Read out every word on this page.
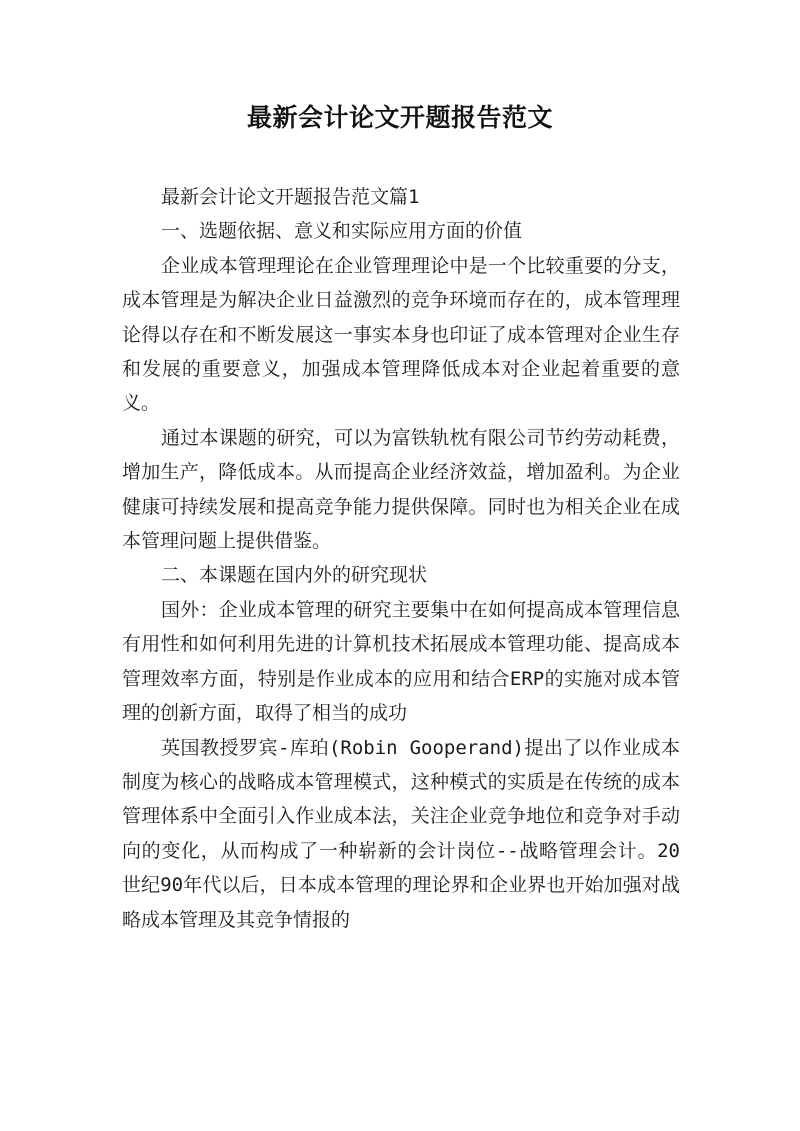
最新会计论文开题报告范文

最新会计论文开题报告范文篇1

一、选题依据、意义和实际应用方面的价值

企业成本管理理论在企业管理理论中是一个比较重要的分支，成本管理是为解决企业日益激烈的竞争环境而存在的，成本管理理论得以存在和不断发展这一事实本身也印证了成本管理对企业生存和发展的重要意义，加强成本管理降低成本对企业起着重要的意义。

通过本课题的研究，可以为富铁轨枕有限公司节约劳动耗费，增加生产，降低成本。从而提高企业经济效益，增加盈利。为企业健康可持续发展和提高竞争能力提供保障。同时也为相关企业在成本管理问题上提供借鉴。

二、本课题在国内外的研究现状

国外：企业成本管理的研究主要集中在如何提高成本管理信息有用性和如何利用先进的计算机技术拓展成本管理功能、提高成本管理效率方面，特别是作业成本的应用和结合ERP的实施对成本管理的创新方面，取得了相当的成功

英国教授罗宾-库珀(Robin Gooperand)提出了以作业成本制度为核心的战略成本管理模式，这种模式的实质是在传统的成本管理体系中全面引入作业成本法，关注企业竞争地位和竞争对手动向的变化，从而构成了一种崭新的会计岗位--战略管理会计。20世纪90年代以后，日本成本管理的理论界和企业界也开始加强对战略成本管理及其竞争情报的
